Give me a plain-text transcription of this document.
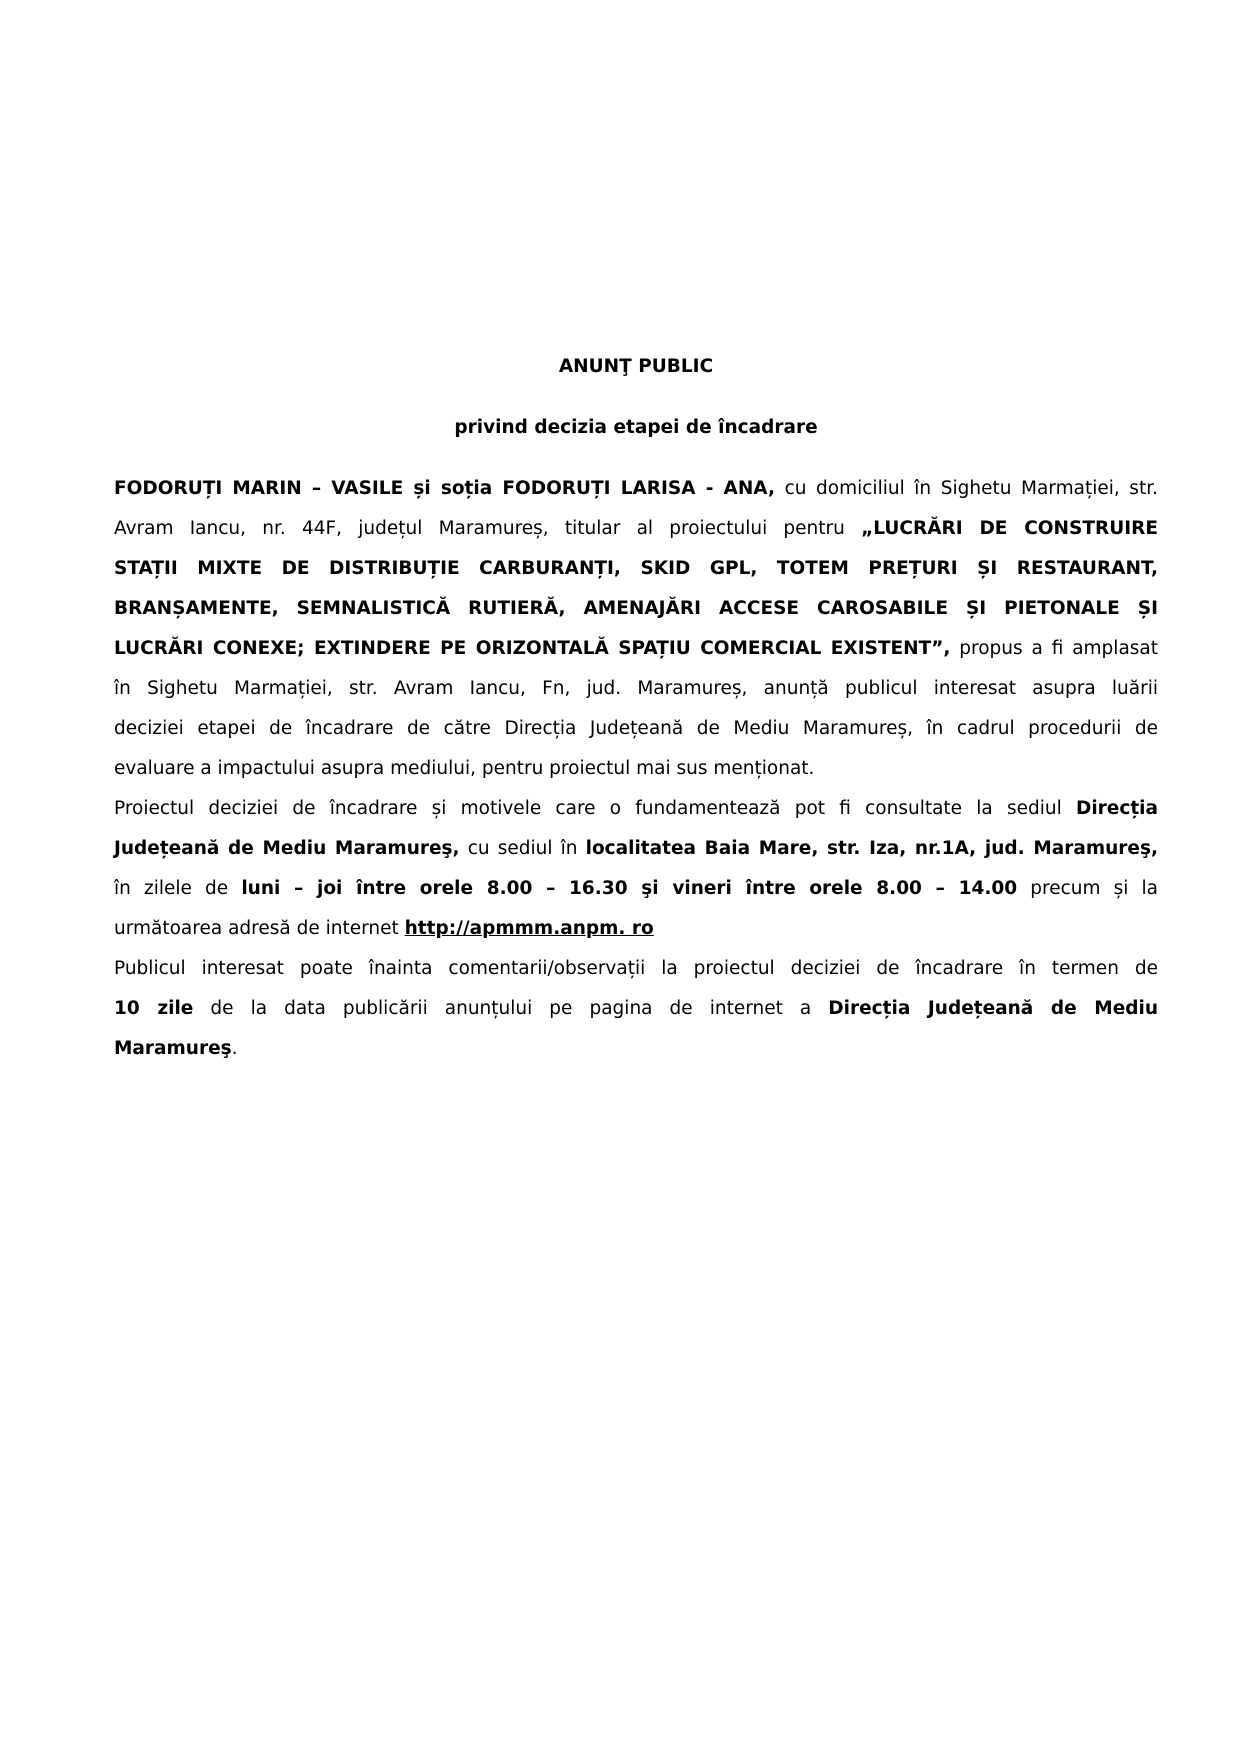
ANUNŢ PUBLIC
privind decizia etapei de încadrare
FODORUȚI MARIN – VASILE și soția FODORUȚI LARISA - ANA, cu domiciliul în Sighetu Marmației, str.
Avram Iancu, nr. 44F, județul Maramureș, titular al proiectului pentru „LUCRĂRI DE CONSTRUIRE
STAȚII MIXTE DE DISTRIBUȚIE CARBURANȚI, SKID GPL, TOTEM PREȚURI ȘI RESTAURANT,
BRANȘAMENTE, SEMNALISTICĂ RUTIERĂ, AMENAJĂRI ACCESE CAROSABILE ȘI PIETONALE ȘI
LUCRĂRI CONEXE; EXTINDERE PE ORIZONTALĂ SPAȚIU COMERCIAL EXISTENT”, propus a fi amplasat
în Sighetu Marmației, str. Avram Iancu, Fn, jud. Maramureș, anunță publicul interesat asupra luării
deciziei etapei de încadrare de către Direcția Județeană de Mediu Maramureș, în cadrul procedurii de
evaluare a impactului asupra mediului, pentru proiectul mai sus menționat.
Proiectul deciziei de încadrare și motivele care o fundamentează pot fi consultate la sediul Direcția
Județeană de Mediu Maramureş, cu sediul în localitatea Baia Mare, str. Iza, nr.1A, jud. Maramureş,
în zilele de luni – joi între orele 8.00 – 16.30 şi vineri între orele 8.00 – 14.00 precum și la
următoarea adresă de internet http://apmmm.anpm. ro
Publicul interesat poate înainta comentarii/observații la proiectul deciziei de încadrare în termen de
10 zile de la data publicării anunțului pe pagina de internet a Direcția Județeană de Mediu
Maramureş.
